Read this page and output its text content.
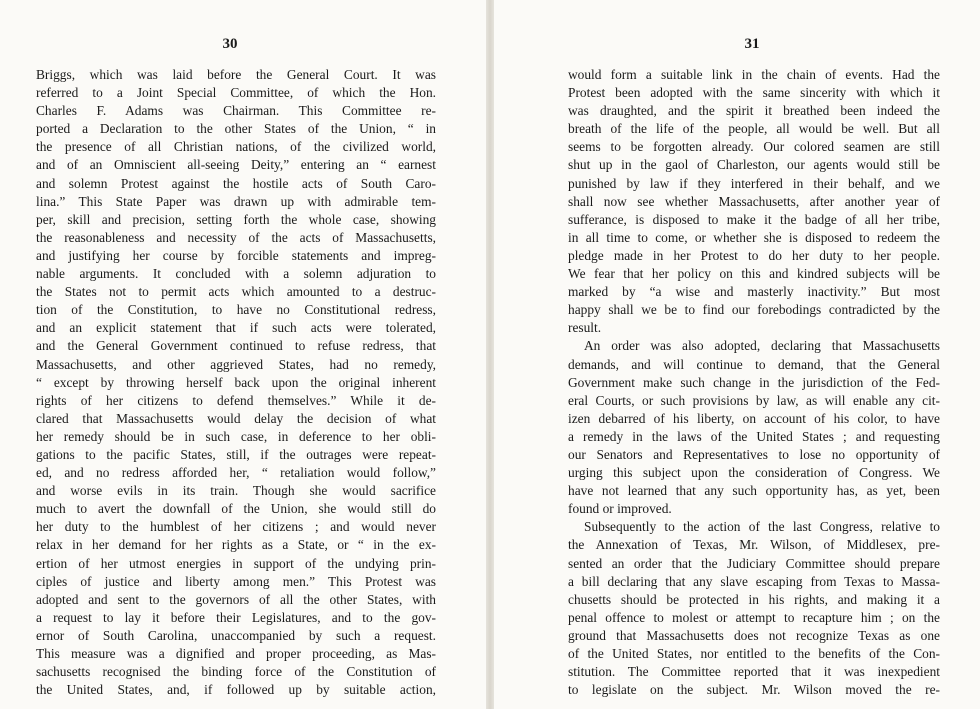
30
Briggs, which was laid before the General Court. It was
referred to a Joint Special Committee, of which the Hon.
Charles F. Adams was Chairman. This Committee re-
ported a Declaration to the other States of the Union, “ in
the presence of all Christian nations, of the civilized world,
and of an Omniscient all-seeing Deity,” entering an “ earnest
and solemn Protest against the hostile acts of South Caro-
lina.” This State Paper was drawn up with admirable tem-
per, skill and precision, setting forth the whole case, showing
the reasonableness and necessity of the acts of Massachusetts,
and justifying her course by forcible statements and impreg-
nable arguments. It concluded with a solemn adjuration to
the States not to permit acts which amounted to a destruc-
tion of the Constitution, to have no Constitutional redress,
and an explicit statement that if such acts were tolerated,
and the General Government continued to refuse redress, that
Massachusetts, and other aggrieved States, had no remedy,
“ except by throwing herself back upon the original inherent
rights of her citizens to defend themselves.” While it de-
clared that Massachusetts would delay the decision of what
her remedy should be in such case, in deference to her obli-
gations to the pacific States, still, if the outrages were repeat-
ed, and no redress afforded her, “ retaliation would follow,”
and worse evils in its train. Though she would sacrifice
much to avert the downfall of the Union, she would still do
her duty to the humblest of her citizens ; and would never
relax in her demand for her rights as a State, or “ in the ex-
ertion of her utmost energies in support of the undying prin-
ciples of justice and liberty among men.” This Protest was
adopted and sent to the governors of all the other States, with
a request to lay it before their Legislatures, and to the gov-
ernor of South Carolina, unaccompanied by such a request.
This measure was a dignified and proper proceeding, as Mas-
sachusetts recognised the binding force of the Constitution of
the United States, and, if followed up by suitable action,
31
would form a suitable link in the chain of events. Had the
Protest been adopted with the same sincerity with which it
was draughted, and the spirit it breathed been indeed the
breath of the life of the people, all would be well. But all
seems to be forgotten already. Our colored seamen are still
shut up in the gaol of Charleston, our agents would still be
punished by law if they interfered in their behalf, and we
shall now see whether Massachusetts, after another year of
sufferance, is disposed to make it the badge of all her tribe,
in all time to come, or whether she is disposed to redeem the
pledge made in her Protest to do her duty to her people.
We fear that her policy on this and kindred subjects will be
marked by “a wise and masterly inactivity.” But most
happy shall we be to find our forebodings contradicted by the
result.
An order was also adopted, declaring that Massachusetts
demands, and will continue to demand, that the General
Government make such change in the jurisdiction of the Fed-
eral Courts, or such provisions by law, as will enable any cit-
izen debarred of his liberty, on account of his color, to have
a remedy in the laws of the United States ; and requesting
our Senators and Representatives to lose no opportunity of
urging this subject upon the consideration of Congress. We
have not learned that any such opportunity has, as yet, been
found or improved.
Subsequently to the action of the last Congress, relative to
the Annexation of Texas, Mr. Wilson, of Middlesex, pre-
sented an order that the Judiciary Committee should prepare
a bill declaring that any slave escaping from Texas to Massa-
chusetts should be protected in his rights, and making it a
penal offence to molest or attempt to recapture him ; on the
ground that Massachusetts does not recognize Texas as one
of the United States, nor entitled to the benefits of the Con-
stitution. The Committee reported that it was inexpedient
to legislate on the subject. Mr. Wilson moved the re-
